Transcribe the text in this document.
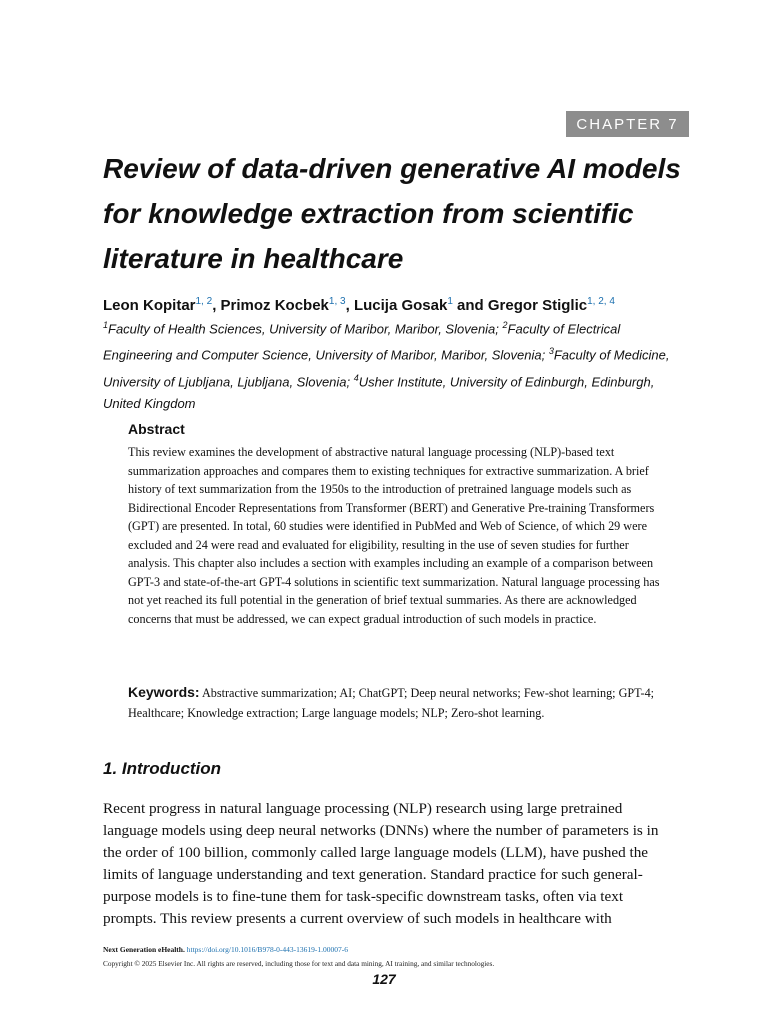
CHAPTER 7
Review of data-driven generative AI models for knowledge extraction from scientific literature in healthcare

Leon Kopitar$^{1, 2}$, Primoz Kocbek$^{1, 3}$, Lucija Gosak$^1$ and Gregor Stiglic$^{1, 2, 4}$

$^1$Faculty of Health Sciences, University of Maribor, Maribor, Slovenia; $^2$Faculty of Electrical Engineering and Computer Science, University of Maribor, Maribor, Slovenia; $^3$Faculty of Medicine, University of Ljubljana, Ljubljana, Slovenia; $^4$Usher Institute, University of Edinburgh, Edinburgh, United Kingdom

Abstract

This review examines the development of abstractive natural language processing (NLP)-based text summarization approaches and compares them to existing techniques for extractive summarization. A brief history of text summarization from the 1950s to the introduction of pretrained language models such as Bidirectional Encoder Representations from Transformer (BERT) and Generative Pre-training Transformers (GPT) are presented. In total, 60 studies were identified in PubMed and Web of Science, of which 29 were excluded and 24 were read and evaluated for eligibility, resulting in the use of seven studies for further analysis. This chapter also includes a section with examples including an example of a comparison between GPT-3 and state-of-the-art GPT-4 solutions in scientific text summarization. Natural language processing has not yet reached its full potential in the generation of brief textual summaries. As there are acknowledged concerns that must be addressed, we can expect gradual introduction of such models in practice.

Keywords: Abstractive summarization; AI; ChatGPT; Deep neural networks; Few-shot learning; GPT-4; Healthcare; Knowledge extraction; Large language models; NLP; Zero-shot learning.

1. Introduction

Recent progress in natural language processing (NLP) research using large pretrained language models using deep neural networks (DNNs) where the number of parameters is in the order of 100 billion, commonly called large language models (LLM), have pushed the limits of language understanding and text generation. Standard practice for such general-purpose models is to fine-tune them for task-specific downstream tasks, often via text prompts. This review presents a current overview of such models in healthcare with

Next Generation eHealth. https://doi.org/10.1016/B978-0-443-13619-1.00007-6

Copyright © 2025 Elsevier Inc. All rights are reserved, including those for text and data mining, AI training, and similar technologies.

127
